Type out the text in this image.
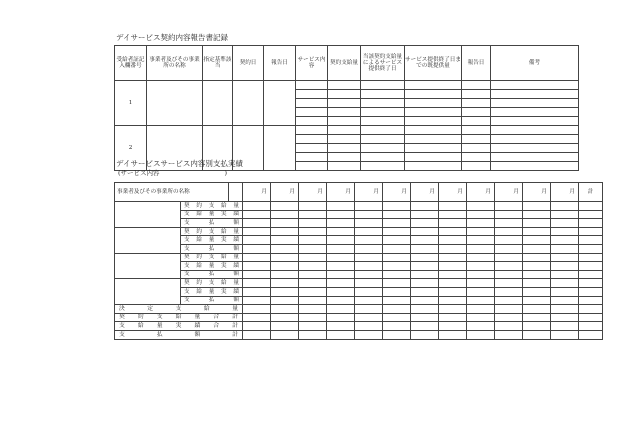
デイサービス契約内容報告書記録
受給者証記入欄番号	事業者及びその事業所の名称	指定基準該当	契約日	報告日	サービス内容	契約支給量	当該契約支給量によるサービス提供終了日	サービス提供終了日までの既提供量	報告日	備考
1										

2										

デイサービスサービス内容別支払実績
(サービス内容　　　　　　　　　　)
事業者及びその事業所の名称			月	月	月	月	月	月	月	月	月	月	月	月	計
	契約支給量														
	支給量実績														
	支払額														
	契約支給量														
	支給量実績														
	支払額														
	契約支給量														
	支給量実績														
	支払額														
	契約支給量														
	支給量実績														
	支払額														
決定支給量															
契約支給量合計															
支給量実績合計															
支払額計															
